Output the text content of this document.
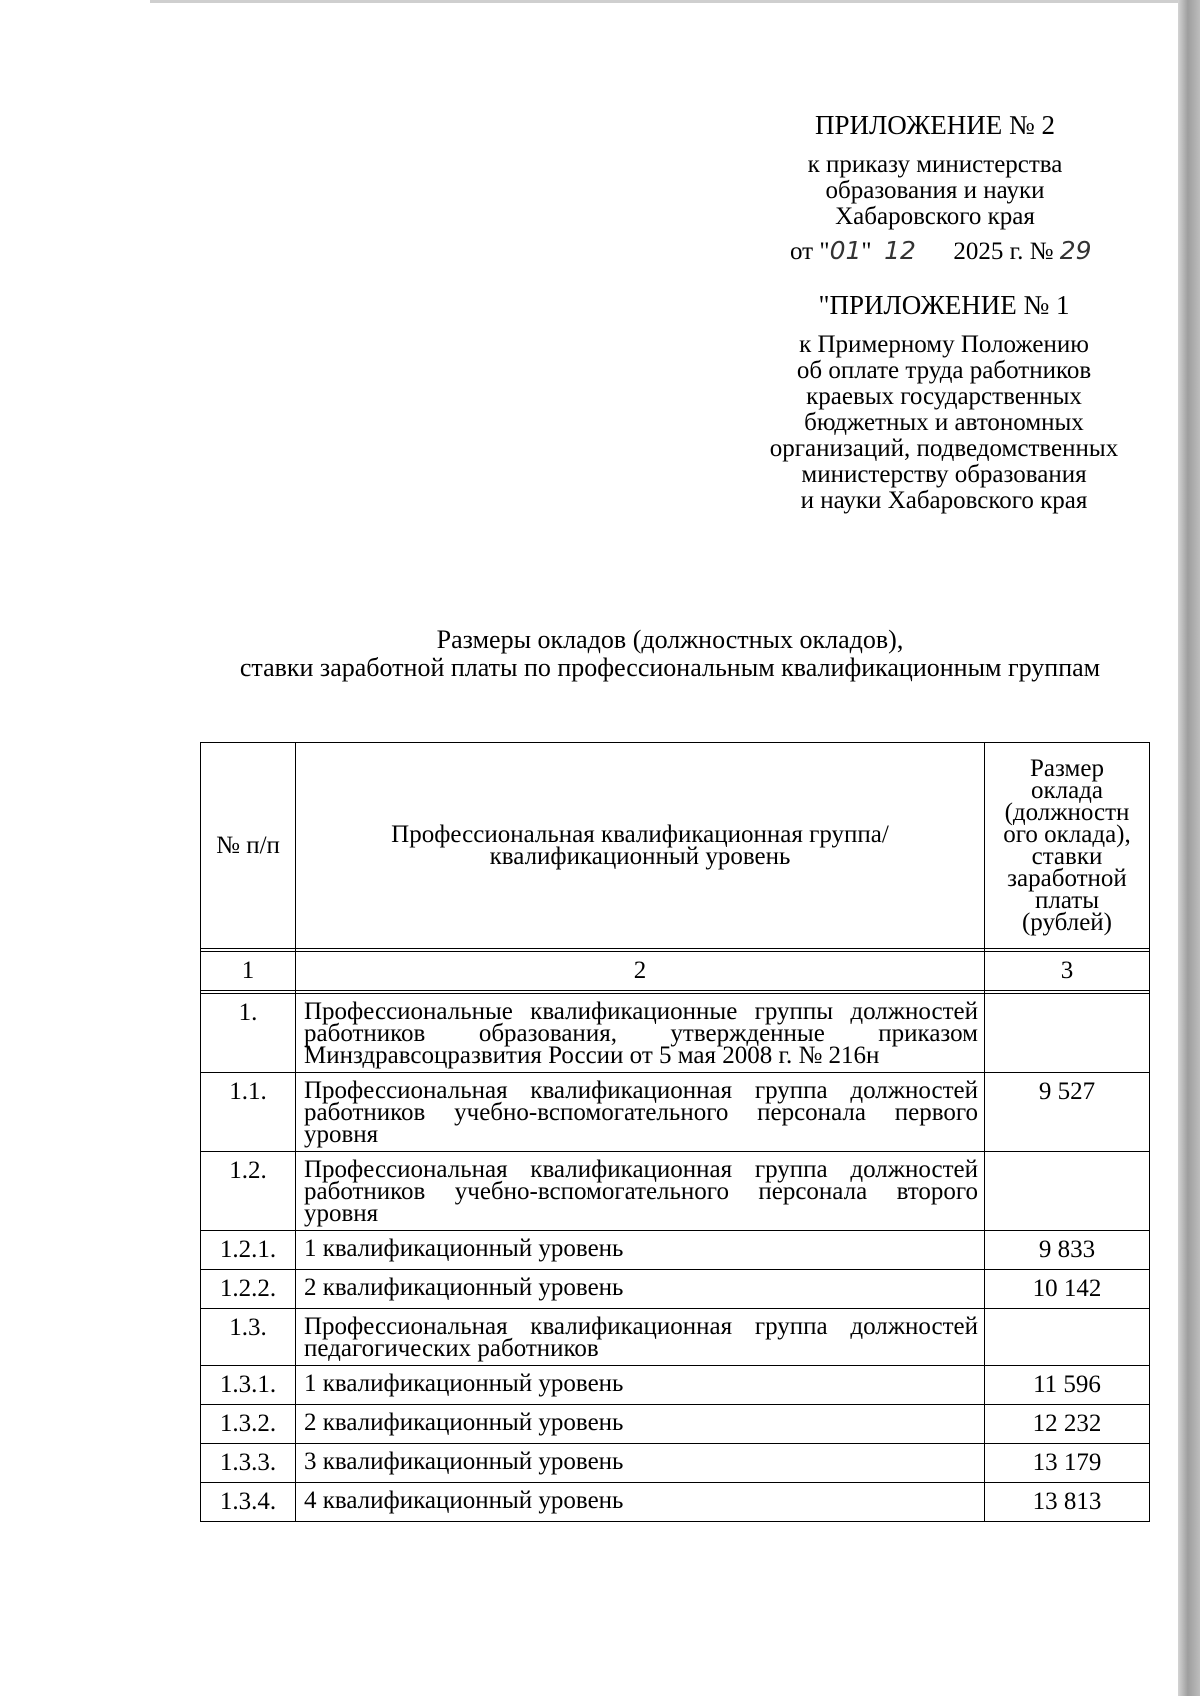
ПРИЛОЖЕНИЕ № 2
к приказу министерства
образования и науки
Хабаровского края
от "01" 12 2025 г. № 29
"ПРИЛОЖЕНИЕ № 1
к Примерному Положению
об оплате труда работников
краевых государственных
бюджетных и автономных
организаций, подведомственных
министерству образования
и науки Хабаровского края
Размеры окладов (должностных окладов),
ставки заработной платы по профессиональным квалификационным группам
№ п/п	Профессиональная квалификационная группа/квалификационный уровень	Размер оклада (должностн ого оклада), ставки заработной платы (рублей)

1	2	3

1.	Профессиональные квалификационные группы должностей работников образования, утвержденные приказом Минздравсоцразвития России от 5 мая 2008 г. № 216н	
1.1.	Профессиональная квалификационная группа должностей работников учебно-вспомогательного персонала первого уровня	9 527
1.2.	Профессиональная квалификационная группа должностей работников учебно-вспомогательного персонала второго уровня	
1.2.1.	1 квалификационный уровень	9 833
1.2.2.	2 квалификационный уровень	10 142
1.3.	Профессиональная квалификационная группа должностей педагогических работников	
1.3.1.	1 квалификационный уровень	11 596
1.3.2.	2 квалификационный уровень	12 232
1.3.3.	3 квалификационный уровень	13 179
1.3.4.	4 квалификационный уровень	13 813
